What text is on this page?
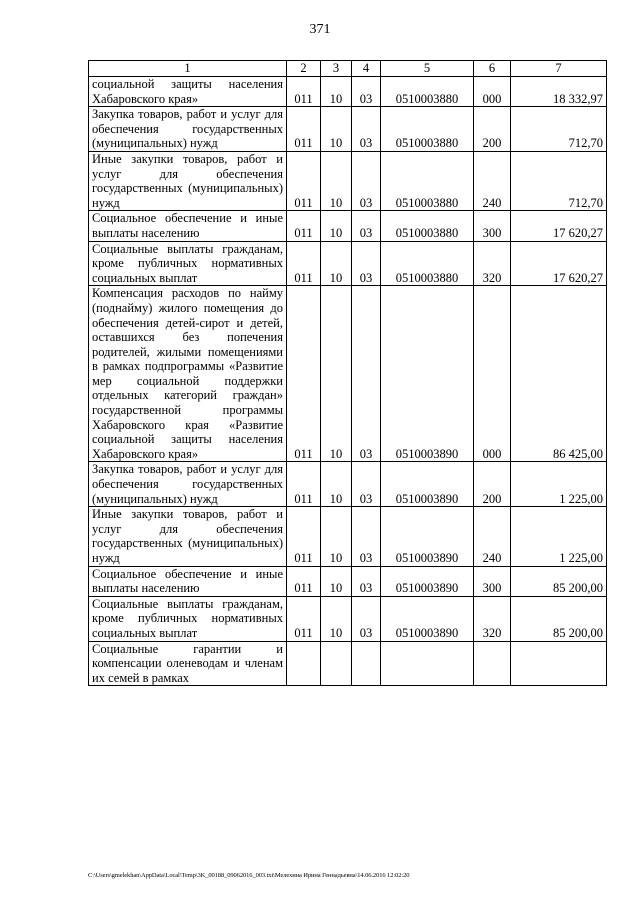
371
1	2	3	4	5	6	7
социальной защиты населения Хабаровского края»	011	10	03	0510003880	000	18 332,97
Закупка товаров, работ и услуг для обеспечения государственных (муниципальных) нужд	011	10	03	0510003880	200	712,70
Иные закупки товаров, работ и услуг для обеспечения государственных (муниципальных) нужд	011	10	03	0510003880	240	712,70
Социальное обеспечение и иные выплаты населению	011	10	03	0510003880	300	17 620,27
Социальные выплаты гражданам, кроме публичных нормативных социальных выплат	011	10	03	0510003880	320	17 620,27
Компенсация расходов по найму (поднайму) жилого помещения до обеспечения детей-сирот и детей, оставшихся без попечения родителей, жилыми помещениями в рамках подпрограммы «Развитие мер социальной поддержки отдельных категорий граждан» государственной программы Хабаровского края «Развитие социальной защиты населения Хабаровского края»	011	10	03	0510003890	000	86 425,00
Закупка товаров, работ и услуг для обеспечения государственных (муниципальных) нужд	011	10	03	0510003890	200	1 225,00
Иные закупки товаров, работ и услуг для обеспечения государственных (муниципальных) нужд	011	10	03	0510003890	240	1 225,00
Социальное обеспечение и иные выплаты населению	011	10	03	0510003890	300	85 200,00
Социальные выплаты гражданам, кроме публичных нормативных социальных выплат	011	10	03	0510003890	320	85 200,00
Социальные гарантии и компенсации оленеводам и членам их семей в рамках						
C:\Users\gmelekhan\AppData\Local\Temp\3K_00188_09062016_003.txt\Мелехина Ирина Геннадьевна\14.06.2016 12:02:20
